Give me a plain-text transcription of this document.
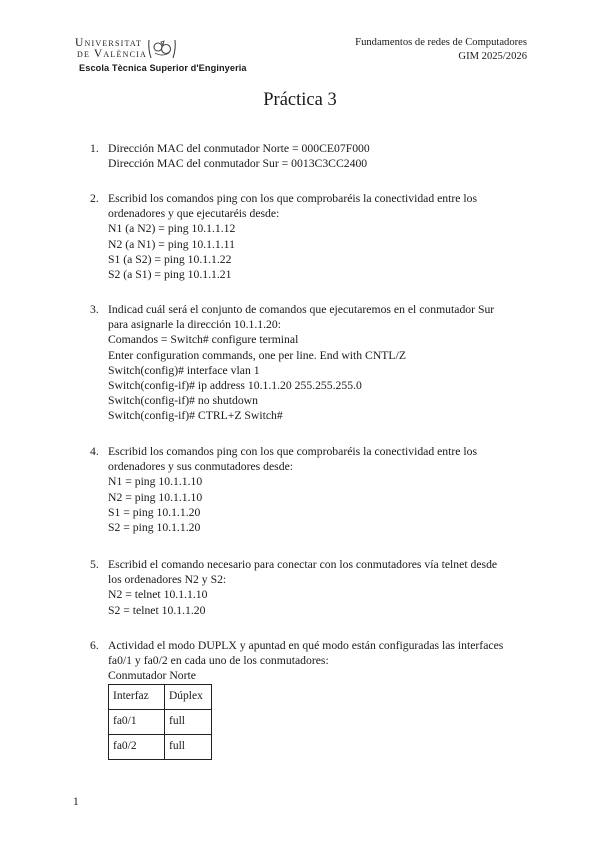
Universitat
de València
Escola Tècnica Superior d'Enginyeria
Fundamentos de redes de Computadores
GIM 2025/2026
Práctica 3
1. Dirección MAC del conmutador Norte = 000CE07F000
Dirección MAC del conmutador Sur = 0013C3CC2400
2. Escribid los comandos ping con los que comprobaréis la conectividad entre los
ordenadores y que ejecutaréis desde:
N1 (a N2) = ping 10.1.1.12
N2 (a N1) = ping 10.1.1.11
S1 (a S2) = ping 10.1.1.22
S2 (a S1) = ping 10.1.1.21
3. Indicad cuál será el conjunto de comandos que ejecutaremos en el conmutador Sur
para asignarle la dirección 10.1.1.20:
Comandos = Switch# configure terminal
Enter configuration commands, one per line. End with CNTL/Z
Switch(config)# interface vlan 1
Switch(config-if)# ip address 10.1.1.20 255.255.255.0
Switch(config-if)# no shutdown
Switch(config-if)# CTRL+Z Switch#
4. Escribid los comandos ping con los que comprobaréis la conectividad entre los
ordenadores y sus conmutadores desde:
N1 = ping 10.1.1.10
N2 = ping 10.1.1.10
S1 = ping 10.1.1.20
S2 = ping 10.1.1.20
5. Escribid el comando necesario para conectar con los conmutadores vía telnet desde
los ordenadores N2 y S2:
N2 = telnet 10.1.1.10
S2 = telnet 10.1.1.20
6. Actividad el modo DUPLX y apuntad en qué modo están configuradas las interfaces
fa0/1 y fa0/2 en cada uno de los conmutadores:
Conmutador Norte
Interfaz	Dúplex
fa0/1	full
fa0/2	full
1
